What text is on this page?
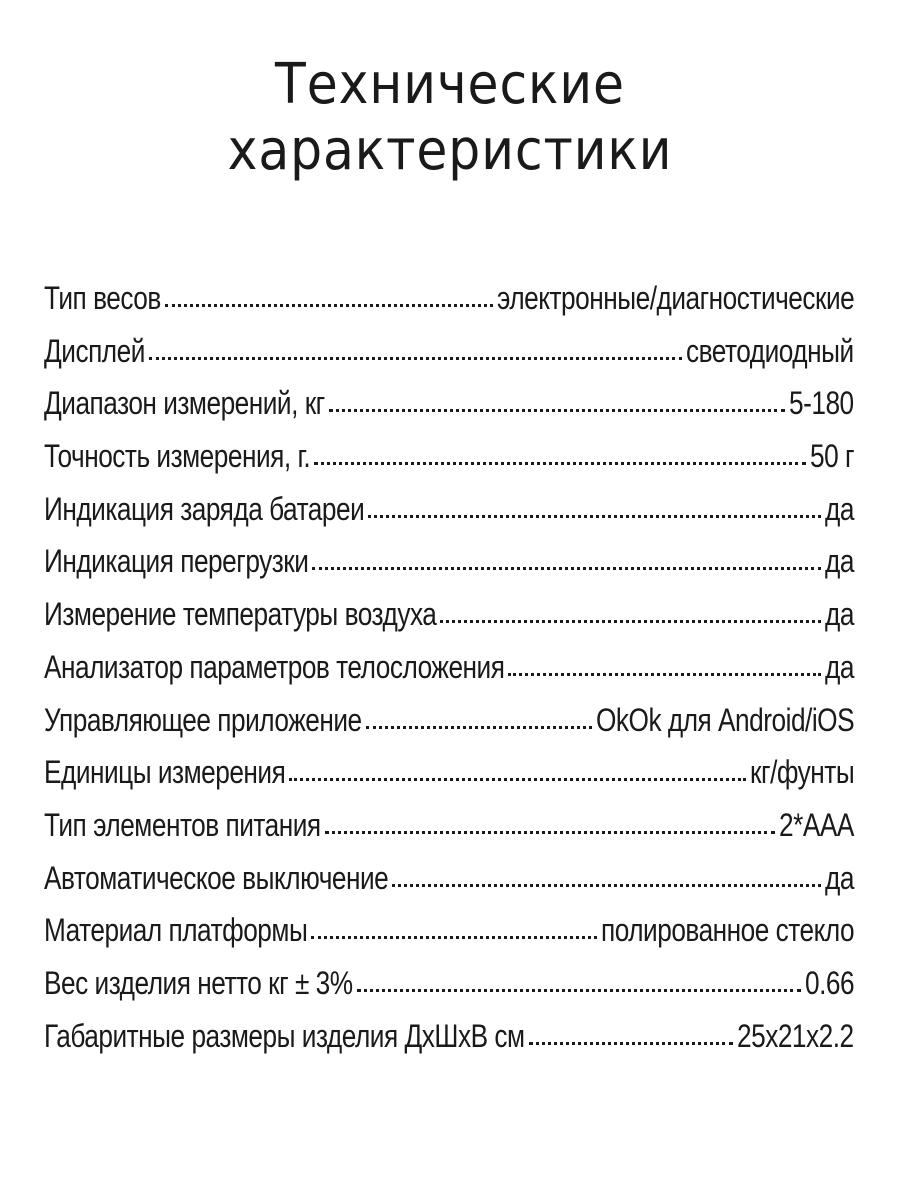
Технические
характеристики
Тип весов	электронные/диагностические
Дисплей	светодиодный
Диапазон измерений, кг	5-180
Точность измерения, г.	50 г
Индикация заряда батареи	да
Индикация перегрузки	да
Измерение температуры воздуха	да
Анализатор параметров телосложения	да
Управляющее приложение	OkOk для Android/iOS
Единицы измерения	кг/фунты
Тип элементов питания	2*AAA
Автоматическое выключение	да
Материал платформы	полированное стекло
Вес изделия нетто кг ± 3%	0.66
Габаритные размеры изделия ДхШхВ см	25x21x2.2
